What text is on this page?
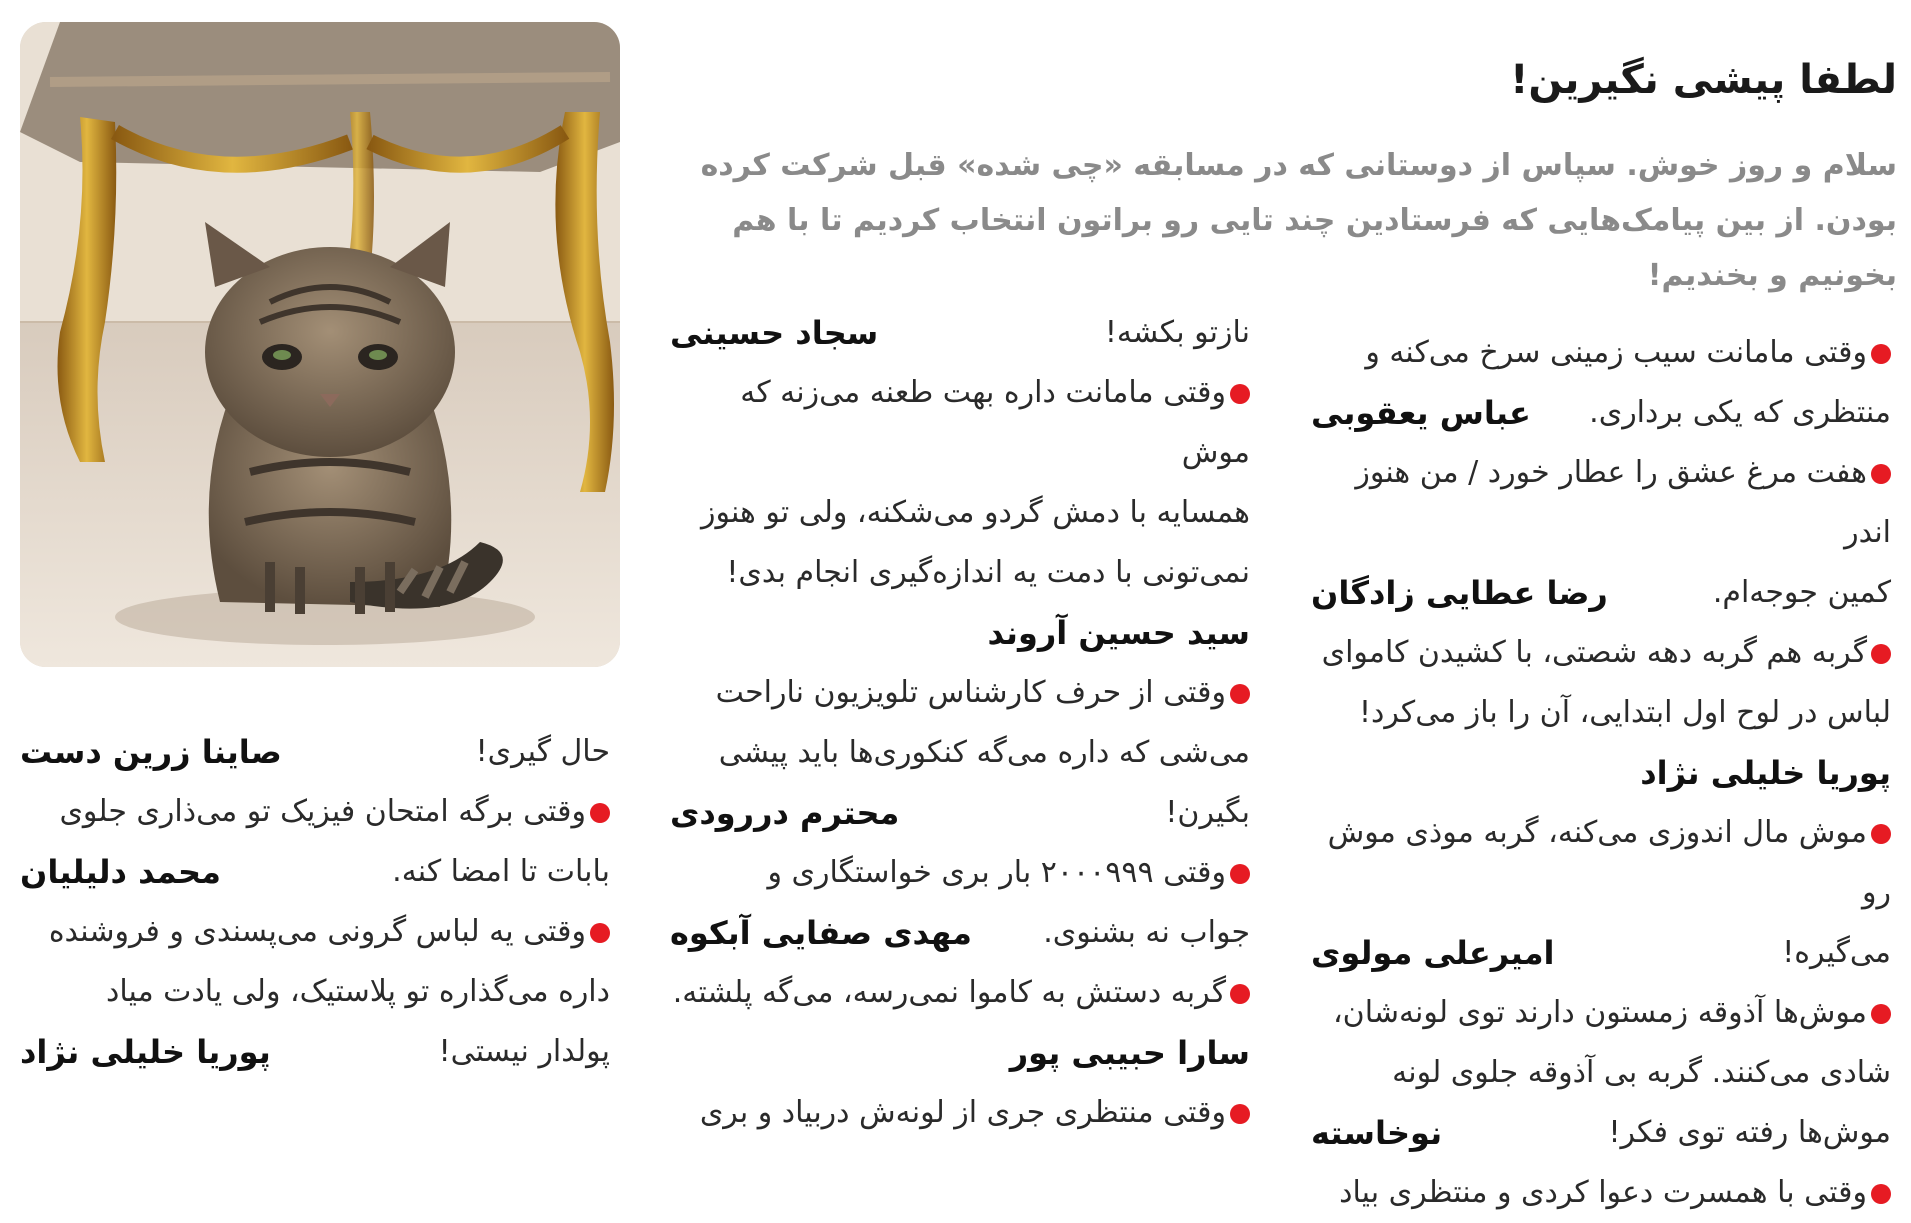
لطفا پیشی نگیرین!

سلام و روز خوش. سپاس از دوستانی که در مسابقه «چی شده» قبل شرکت کرده بودن. از بین پیامک‌هایی که فرستادین چند تایی رو براتون انتخاب کردیم تا با هم بخونیم و بخندیم!

وقتی مامانت سیب زمینی سرخ می‌کنه و

منتظری که یکی برداری.
عباس یعقوبی

هفت مرغ عشق را عطار خورد / من هنوز اندر

کمین جوجه‌ام.
رضا عطایی زادگان

گربه هم گربه دهه شصتی، با کشیدن کاموای

لباس در لوح اول ابتدایی، آن را باز می‌کرد!

پوریا خلیلی نژاد

موش مال اندوزی می‌کنه، گربه موذی موش رو

می‌گیره!
امیرعلی مولوی

موش‌ها آذوقه زمستون دارند توی لونه‌شان،

شادی می‌کنند. گربه بی آذوقه جلوی لونه

موش‌ها رفته توی فکر!
نوخاسته

وقتی با همسرت دعوا کردی و منتظری بیاد

نازتو بکشه!
سجاد حسینی

وقتی مامانت داره بهت طعنه می‌زنه که موش

همسایه با دمش گردو می‌شکنه، ولی تو هنوز

نمی‌تونی با دمت یه اندازه‌گیری انجام بدی!

سید حسین آروند

وقتی از حرف کارشناس تلویزیون ناراحت

می‌شی که داره می‌گه کنکوری‌ها باید پیشی

بگیرن!
محترم دررودی

وقتی ۲۰۰۰۹۹۹ بار بری خواستگاری و

جواب نه بشنوی.
مهدی صفایی آبکوه

گربه دستش به کاموا نمی‌رسه، می‌گه پلشته.

سارا حبیبی پور

وقتی منتظری جری از لونه‌ش دربیاد و بری

حال گیری!
صاینا زرین دست

وقتی برگه امتحان فیزیک تو می‌ذاری جلوی

بابات تا امضا کنه.
محمد دلیلیان

وقتی یه لباس گرونی می‌پسندی و فروشنده

داره می‌گذاره تو پلاستیک، ولی یادت میاد

پولدار نیستی!
پوریا خلیلی نژاد
